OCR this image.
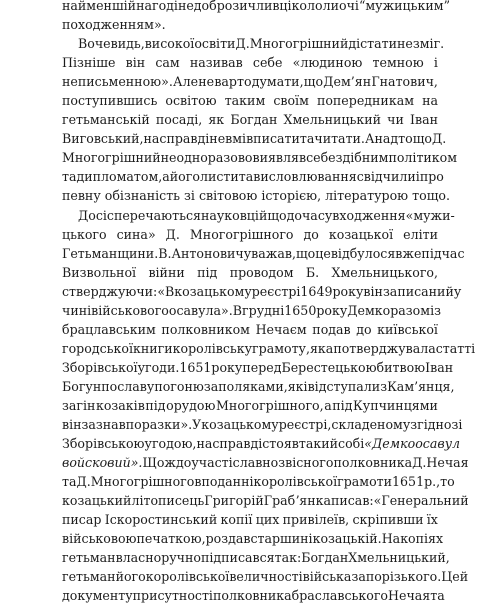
найменшій нагоді недоброзичливці кололи очі “мужицьким”
походженням».
Вочевидь, високої освіти Д. Многогрішний дістати не зміг.
Пізніше він сам називав себе «людиною темною і
неписьменною». Але не варто думати, що Дем’ян Гнатович,
поступившись освітою таким своїм попередникам на
гетьманській посаді, як Богдан Хмельницький чи Іван
Виговський, насправді не вмів писати та читати. А надто що Д.
Многогрішний неодноразово виявляв себе здібним політиком
та дипломатом, а його листи та висловлювання свідчили і про
певну обізнаність зі світовою історією, літературою тощо.
Досі сперечаються науковці й щодо часу входження «мужи-
цького сина» Д. Многогрішного до козацької еліти
Гетьманщини. В. Антонович уважав, що це відбулося вже під час
Визвольної війни під проводом Б. Хмельницького,
стверджуючи: «В козацькому реєстрі 1649 року він записаний у
чині військового осавула». В грудні 1650 року Демко разом із
брацлавським полковником Нечаєм подав до київської
городської книги королівську грамоту, яка потверджувала статті
Зборівської угоди. 1651 року перед Берестецькою битвою Іван
Богун послав у погоню за поляками, які відступали з Кам’янця,
загін козаків під орудою Многогрішного, а під Купчинцями
він зазнав поразки». У козацькому реєстрі, складеному згідно зі
Зборівською угодою, насправді стояв такий собі «Демко осавул
войсковий». Що ж до участі славнозвісного полковника Д. Нечая
та Д. Многогрішного в поданні королівської грамоти 1651 р., то
козацький літописець Григорій Грабʼянка писав: «Генеральний
писар Іскоростинський копії цих привілеїв, скріпивши їх
військовою печаткою, роздав старшині козацькій. На копіях
гетьман власноручно підписався так: Богдан Хмельницький,
гетьман його королівської величності війська запорізького. Цей
документ у присутності полковника браславського Нечая та
